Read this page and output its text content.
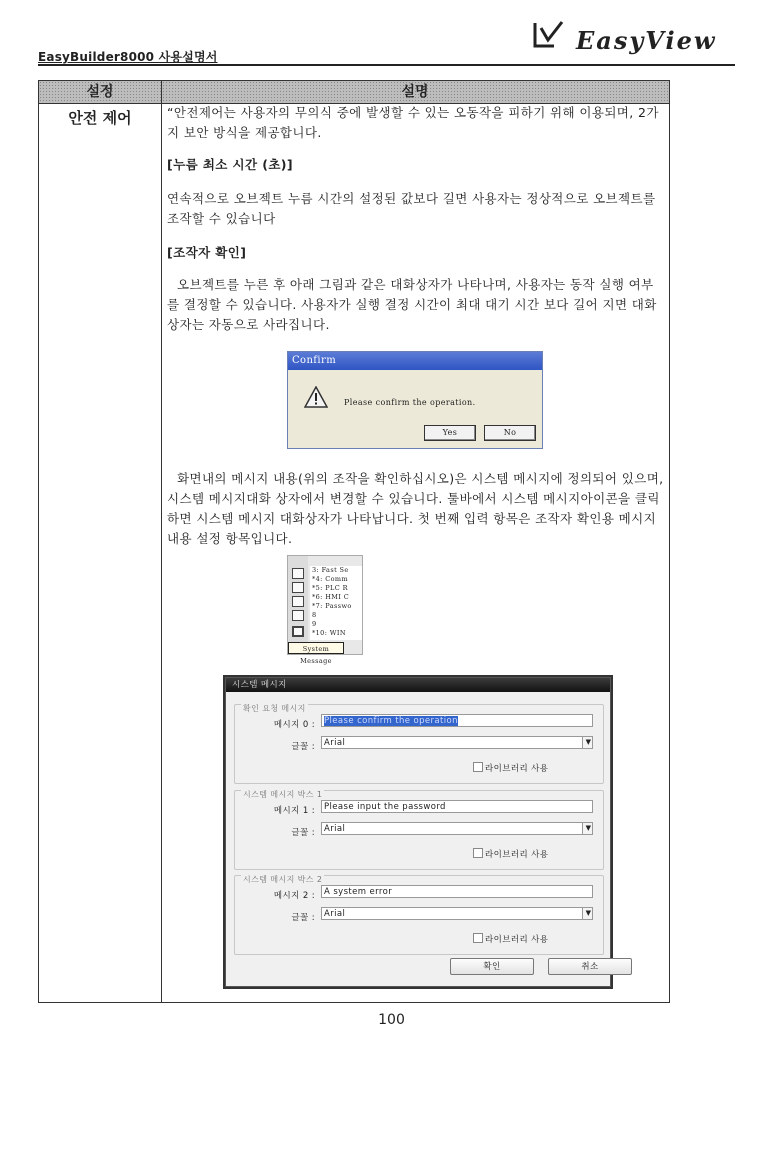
EasyBuilder8000 사용설명서
EasyView
설정	설명
안전 제어	“안전제어는 사용자의 무의식 중에 발생할 수 있는 오동작을 피하기 위해 이용되며, 2가지 보안 방식을 제공합니다.

[누름 최소 시간 (초)]

연속적으로 오브젝트 누름 시간의 설정된 값보다 길면 사용자는 정상적으로 오브젝트를 조작할 수 있습니다

[조작자 확인]

오브젝트를 누른 후 아래 그림과 같은 대화상자가 나타나며, 사용자는 동작 실행 여부를 결정할 수 있습니다. 사용자가 실행 결정 시간이 최대 대기 시간 보다 길어 지면 대화상자는 자동으로 사라집니다.

Confirm
Please confirm the operation.
Yes	No

화면내의 메시지 내용(위의 조작을 확인하십시오)은 시스템 메시지에 정의되어 있으며, 시스템 메시지대화 상자에서 변경할 수 있습니다. 툴바에서 시스템 메시지아이콘을 클릭하면 시스템 메시지 대화상자가 나타납니다. 첫 번째 입력 항목은 조작자 확인용 메시지 내용 설정 항목입니다.

3: Fast Se
*4: Comm
*5: PLC R
*6: HMI C
*7: Passwo
8
9
*10: WIN
System Message
시스템 메시지
확인 요청 메시지
메시지 0 :	Please confirm the operation
글꼴 :	Arial	▼
라이브러리 사용
시스템 메시지 박스 1
메시지 1 :	Please input the password
글꼴 :	Arial	▼
라이브러리 사용
시스템 메시지 박스 2
메시지 2 :	A system error
글꼴 :	Arial	▼
라이브러리 사용
확인	취소
100
